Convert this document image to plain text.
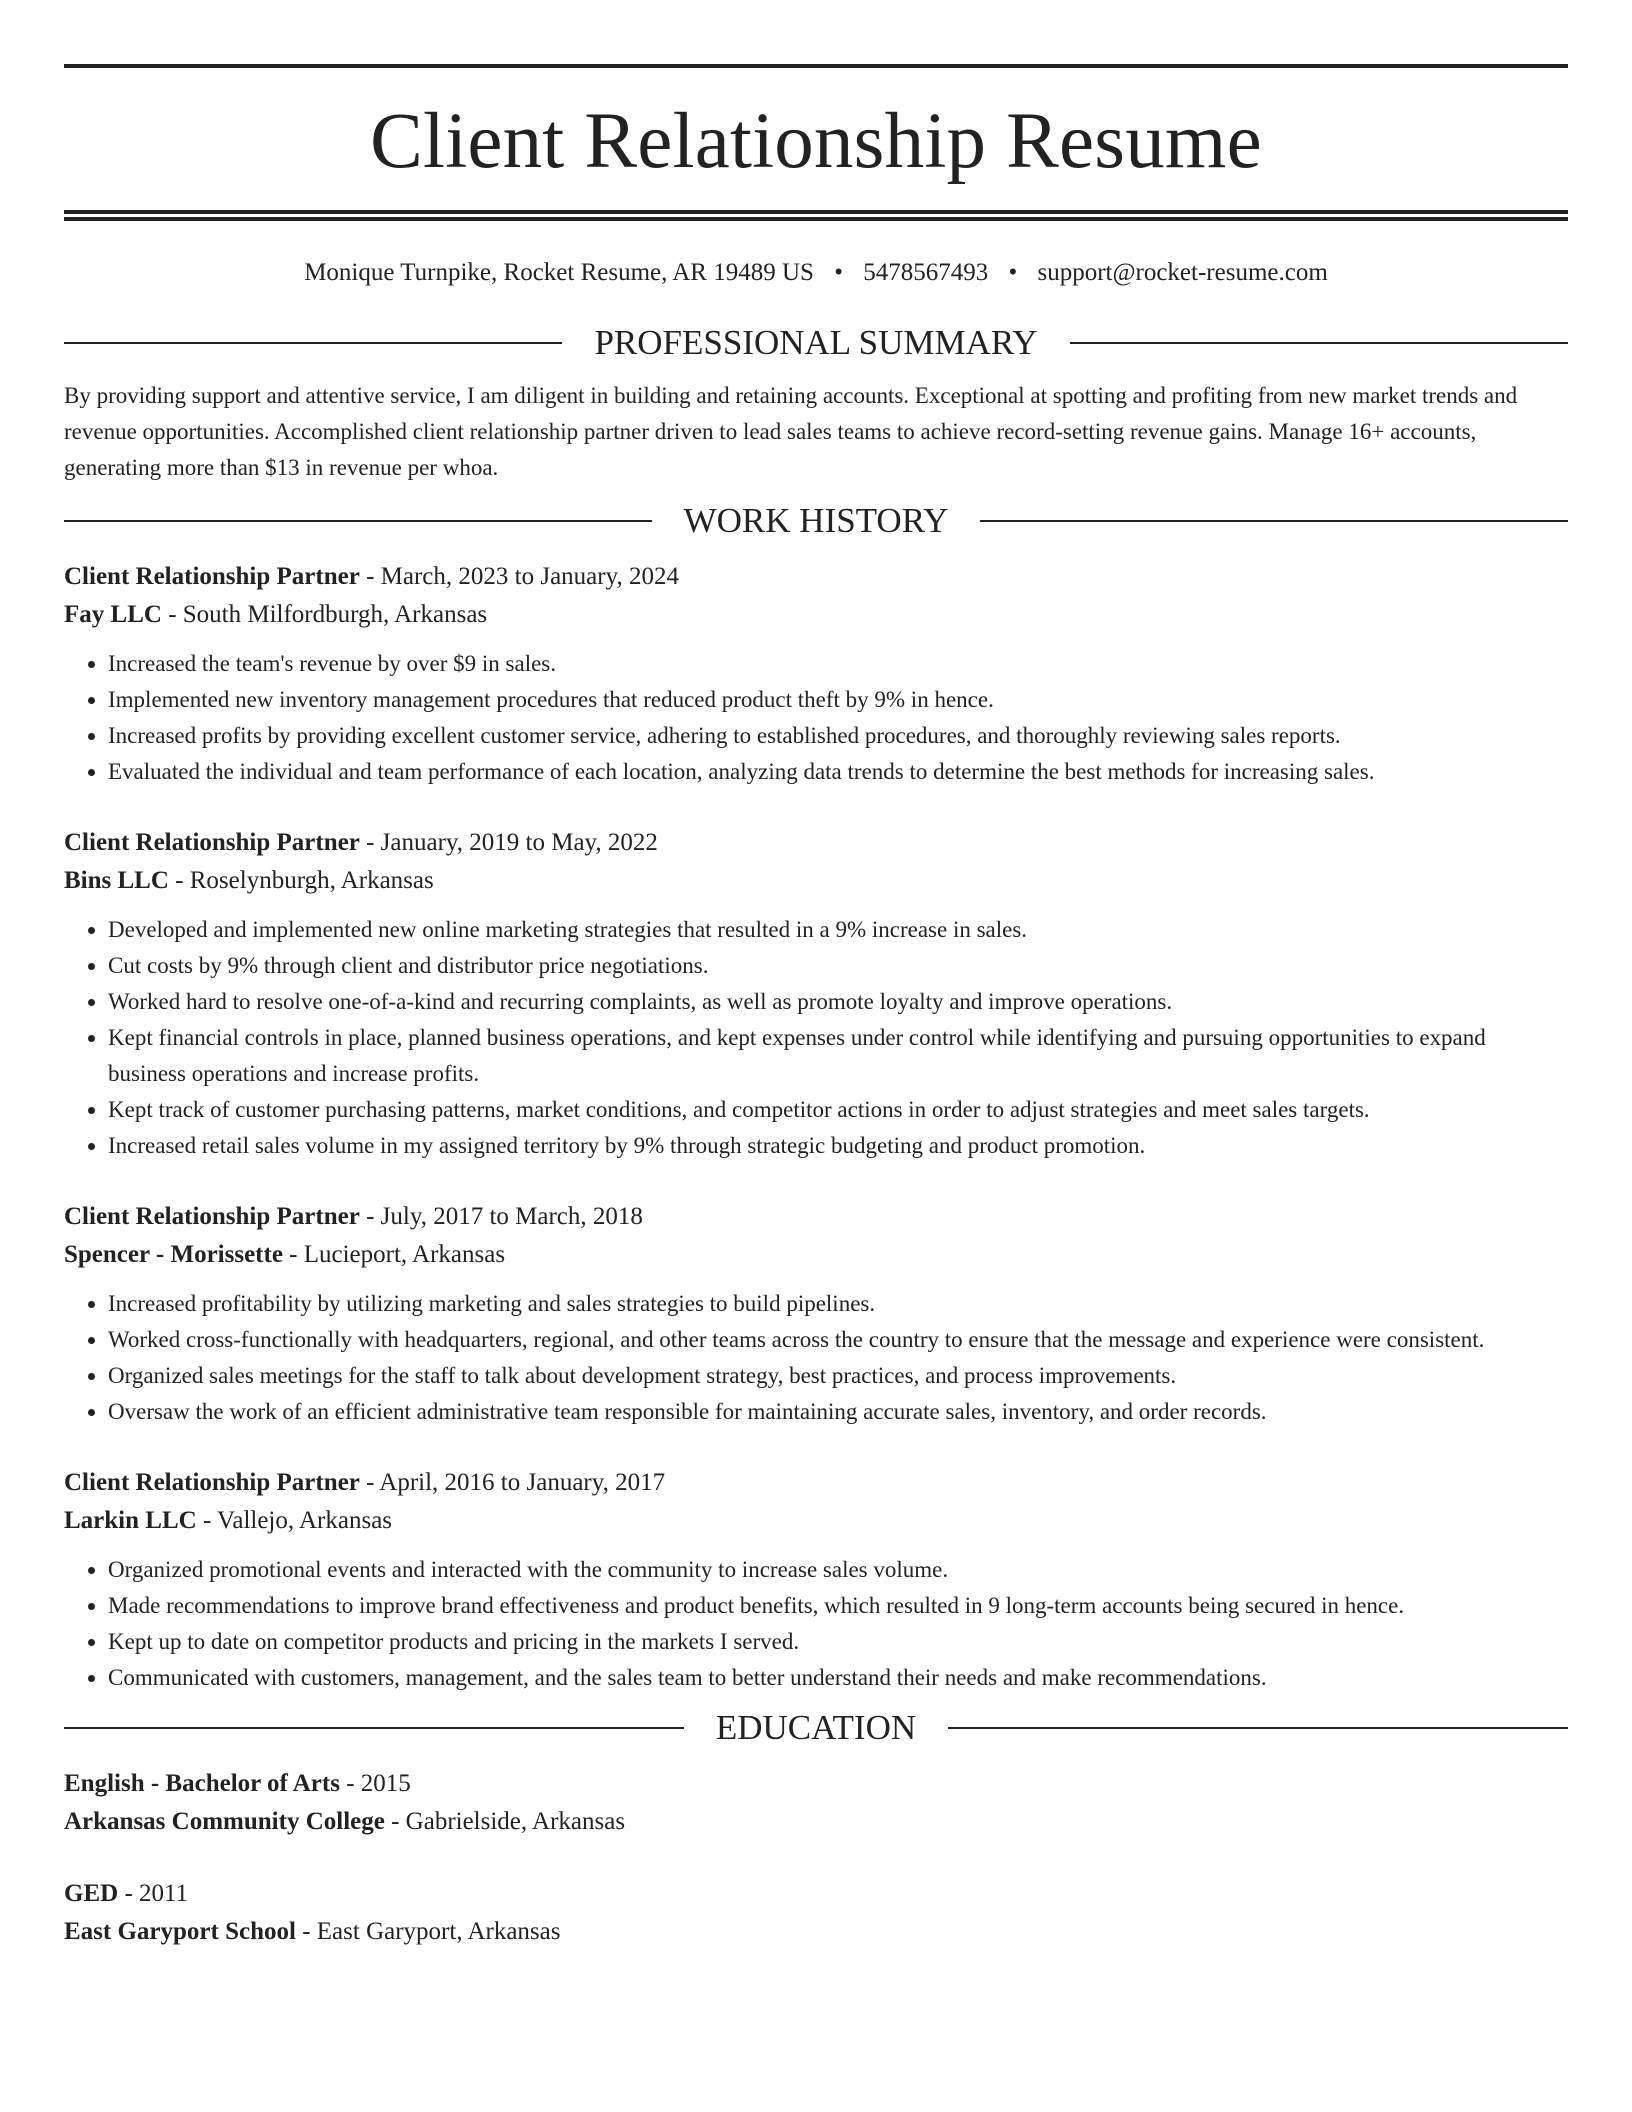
Client Relationship Resume
Monique Turnpike, Rocket Resume, AR 19489 US • 5478567493 • support@rocket-resume.com
PROFESSIONAL SUMMARY

By providing support and attentive service, I am diligent in building and retaining accounts. Exceptional at spotting and profiting from new market trends and revenue opportunities. Accomplished client relationship partner driven to lead sales teams to achieve record-setting revenue gains. Manage 16+ accounts, generating more than $13 in revenue per whoa.

WORK HISTORY
Client Relationship Partner - March, 2023 to January, 2024
Fay LLC - South Milfordburgh, Arkansas
• Increased the team's revenue by over $9 in sales.
• Implemented new inventory management procedures that reduced product theft by 9% in hence.
• Increased profits by providing excellent customer service, adhering to established procedures, and thoroughly reviewing sales reports.
• Evaluated the individual and team performance of each location, analyzing data trends to determine the best methods for increasing sales.
Client Relationship Partner - January, 2019 to May, 2022
Bins LLC - Roselynburgh, Arkansas
• Developed and implemented new online marketing strategies that resulted in a 9% increase in sales.
• Cut costs by 9% through client and distributor price negotiations.
• Worked hard to resolve one-of-a-kind and recurring complaints, as well as promote loyalty and improve operations.
• Kept financial controls in place, planned business operations, and kept expenses under control while identifying and pursuing opportunities to expand business operations and increase profits.
• Kept track of customer purchasing patterns, market conditions, and competitor actions in order to adjust strategies and meet sales targets.
• Increased retail sales volume in my assigned territory by 9% through strategic budgeting and product promotion.
Client Relationship Partner - July, 2017 to March, 2018
Spencer - Morissette - Lucieport, Arkansas
• Increased profitability by utilizing marketing and sales strategies to build pipelines.
• Worked cross-functionally with headquarters, regional, and other teams across the country to ensure that the message and experience were consistent.
• Organized sales meetings for the staff to talk about development strategy, best practices, and process improvements.
• Oversaw the work of an efficient administrative team responsible for maintaining accurate sales, inventory, and order records.
Client Relationship Partner - April, 2016 to January, 2017
Larkin LLC - Vallejo, Arkansas
• Organized promotional events and interacted with the community to increase sales volume.
• Made recommendations to improve brand effectiveness and product benefits, which resulted in 9 long-term accounts being secured in hence.
• Kept up to date on competitor products and pricing in the markets I served.
• Communicated with customers, management, and the sales team to better understand their needs and make recommendations.
EDUCATION
English - Bachelor of Arts - 2015
Arkansas Community College - Gabrielside, Arkansas
GED - 2011
East Garyport School - East Garyport, Arkansas
